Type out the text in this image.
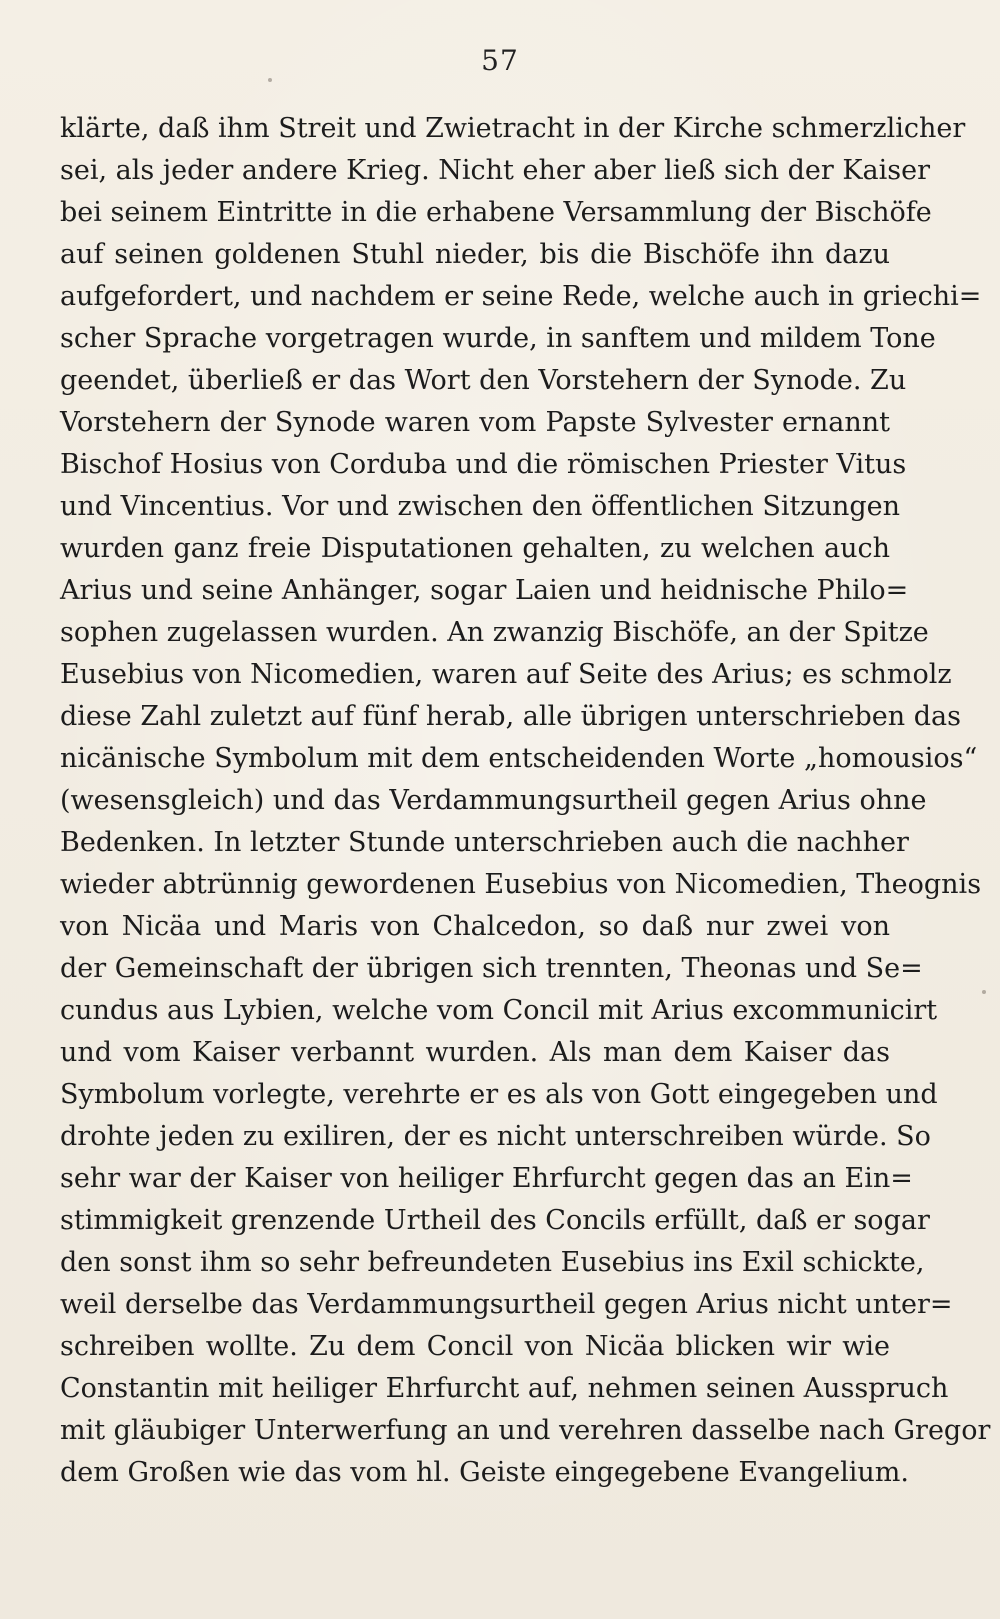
57
klärte, daß ihm Streit und Zwietracht in der Kirche schmerzlicher
sei, als jeder andere Krieg. Nicht eher aber ließ sich der Kaiser
bei seinem Eintritte in die erhabene Versammlung der Bischöfe
auf seinen goldenen Stuhl nieder, bis die Bischöfe ihn dazu
aufgefordert, und nachdem er seine Rede, welche auch in griechi=
scher Sprache vorgetragen wurde, in sanftem und mildem Tone
geendet, überließ er das Wort den Vorstehern der Synode. Zu
Vorstehern der Synode waren vom Papste Sylvester ernannt
Bischof Hosius von Corduba und die römischen Priester Vitus
und Vincentius. Vor und zwischen den öffentlichen Sitzungen
wurden ganz freie Disputationen gehalten, zu welchen auch
Arius und seine Anhänger, sogar Laien und heidnische Philo=
sophen zugelassen wurden. An zwanzig Bischöfe, an der Spitze
Eusebius von Nicomedien, waren auf Seite des Arius; es schmolz
diese Zahl zuletzt auf fünf herab, alle übrigen unterschrieben das
nicänische Symbolum mit dem entscheidenden Worte „homousios“
(wesensgleich) und das Verdammungsurtheil gegen Arius ohne
Bedenken. In letzter Stunde unterschrieben auch die nachher
wieder abtrünnig gewordenen Eusebius von Nicomedien, Theognis
von Nicäa und Maris von Chalcedon, so daß nur zwei von
der Gemeinschaft der übrigen sich trennten, Theonas und Se=
cundus aus Lybien, welche vom Concil mit Arius excommunicirt
und vom Kaiser verbannt wurden. Als man dem Kaiser das
Symbolum vorlegte, verehrte er es als von Gott eingegeben und
drohte jeden zu exiliren, der es nicht unterschreiben würde. So
sehr war der Kaiser von heiliger Ehrfurcht gegen das an Ein=
stimmigkeit grenzende Urtheil des Concils erfüllt, daß er sogar
den sonst ihm so sehr befreundeten Eusebius ins Exil schickte,
weil derselbe das Verdammungsurtheil gegen Arius nicht unter=
schreiben wollte. Zu dem Concil von Nicäa blicken wir wie
Constantin mit heiliger Ehrfurcht auf, nehmen seinen Ausspruch
mit gläubiger Unterwerfung an und verehren dasselbe nach Gregor
dem Großen wie das vom hl. Geiste eingegebene Evangelium.
